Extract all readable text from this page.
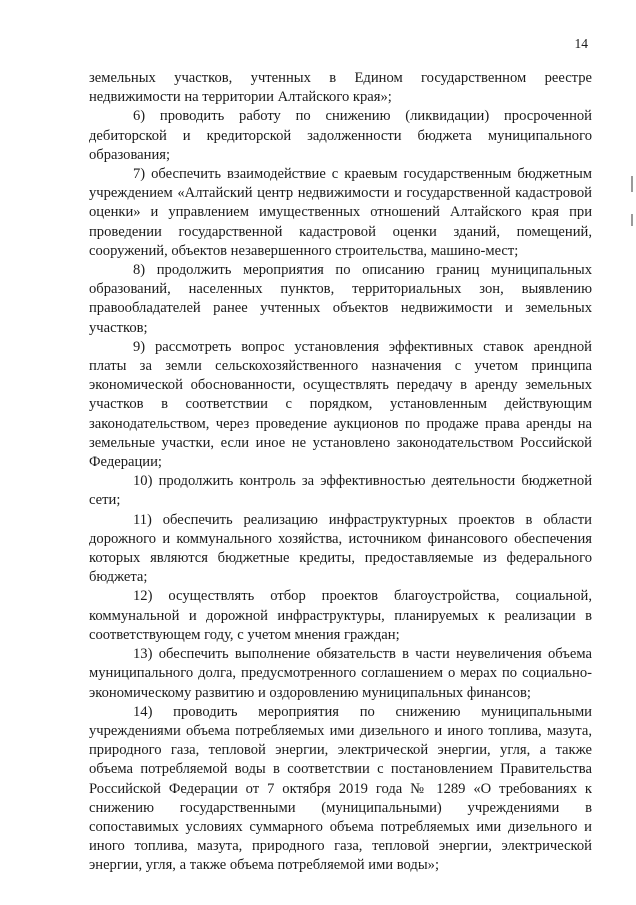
14

земельных участков, учтенных в Едином государственном реестре недвижимости на территории Алтайского края»;

6) проводить работу по снижению (ликвидации) просроченной дебиторской и кредиторской задолженности бюджета муниципального образования;

7) обеспечить взаимодействие с краевым государственным бюджетным учреждением «Алтайский центр недвижимости и государственной кадастровой оценки» и управлением имущественных отношений Алтайского края при проведении государственной кадастровой оценки зданий, помещений, сооружений, объектов незавершенного строительства, машино-мест;

8) продолжить мероприятия по описанию границ муниципальных образований, населенных пунктов, территориальных зон, выявлению правообладателей ранее учтенных объектов недвижимости и земельных участков;

9) рассмотреть вопрос установления эффективных ставок арендной платы за земли сельскохозяйственного назначения с учетом принципа экономической обоснованности, осуществлять передачу в аренду земельных участков в соответствии с порядком, установленным действующим законодательством, через проведение аукционов по продаже права аренды на земельные участки, если иное не установлено законодательством Российской Федерации;

10) продолжить контроль за эффективностью деятельности бюджетной сети;

11) обеспечить реализацию инфраструктурных проектов в области дорожного и коммунального хозяйства, источником финансового обеспечения которых являются бюджетные кредиты, предоставляемые из федерального бюджета;

12) осуществлять отбор проектов благоустройства, социальной, коммунальной и дорожной инфраструктуры, планируемых к реализации в соответствующем году, с учетом мнения граждан;

13) обеспечить выполнение обязательств в части неувеличения объема муниципального долга, предусмотренного соглашением о мерах по социально-экономическому развитию и оздоровлению муниципальных финансов;

14) проводить мероприятия по снижению муниципальными учреждениями объема потребляемых ими дизельного и иного топлива, мазута, природного газа, тепловой энергии, электрической энергии, угля, а также объема потребляемой воды в соответствии с постановлением Правительства Российской Федерации от 7 октября 2019 года № 1289 «О требованиях к снижению государственными (муниципальными) учреждениями в сопоставимых условиях суммарного объема потребляемых ими дизельного и иного топлива, мазута, природного газа, тепловой энергии, электрической энергии, угля, а также объема потребляемой ими воды»;
